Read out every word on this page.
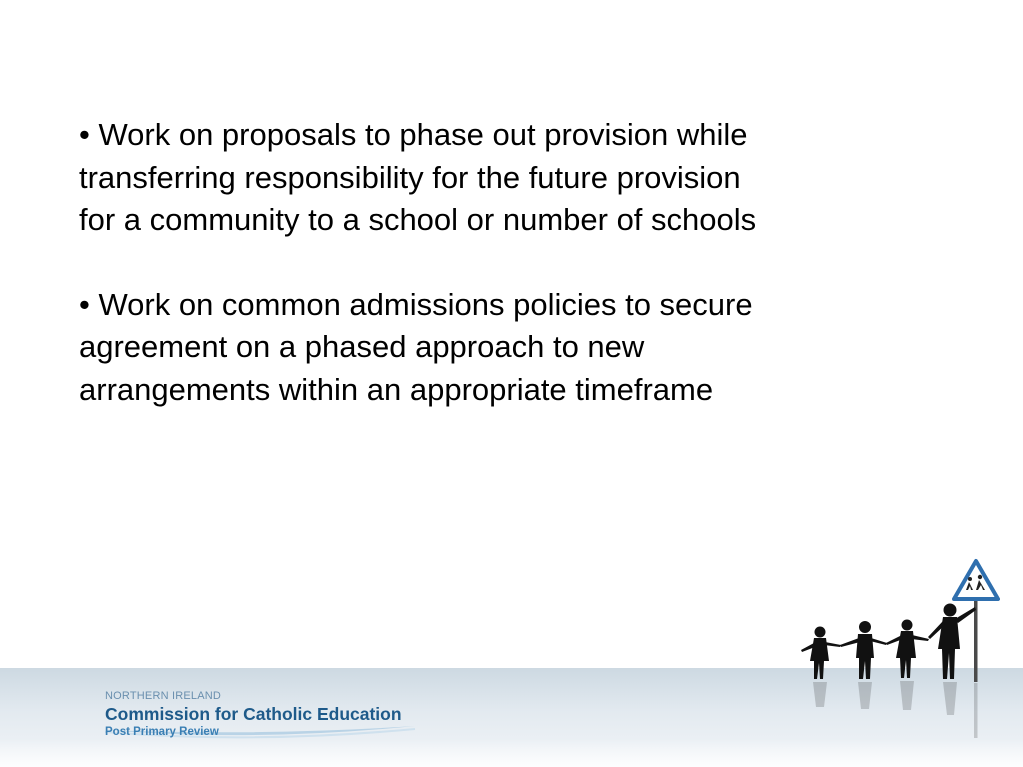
• Work on proposals to phase out provision while
transferring responsibility for the future provision
for a community to a school or number of schools
• Work on common admissions policies to secure
agreement on a phased approach to new
arrangements within an appropriate timeframe
NORTHERN IRELAND
Commission for Catholic Education
Post Primary Review
